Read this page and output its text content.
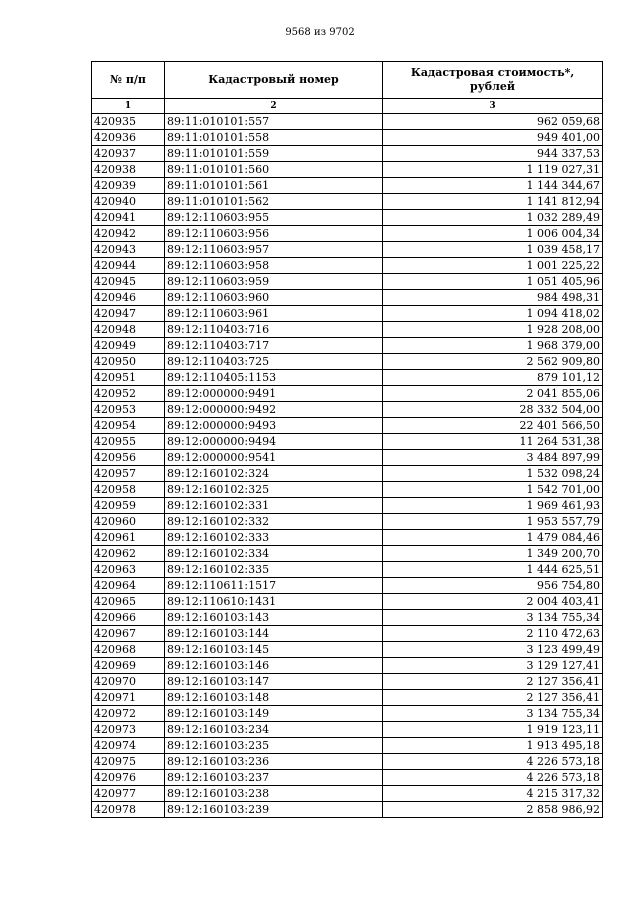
9568 из 9702
№ п/п	Кадастровый номер	Кадастровая стоимость*,
рублей

1	2	3
420935	89:11:010101:557	962 059,68
420936	89:11:010101:558	949 401,00
420937	89:11:010101:559	944 337,53
420938	89:11:010101:560	1 119 027,31
420939	89:11:010101:561	1 144 344,67
420940	89:11:010101:562	1 141 812,94
420941	89:12:110603:955	1 032 289,49
420942	89:12:110603:956	1 006 004,34
420943	89:12:110603:957	1 039 458,17
420944	89:12:110603:958	1 001 225,22
420945	89:12:110603:959	1 051 405,96
420946	89:12:110603:960	984 498,31
420947	89:12:110603:961	1 094 418,02
420948	89:12:110403:716	1 928 208,00
420949	89:12:110403:717	1 968 379,00
420950	89:12:110403:725	2 562 909,80
420951	89:12:110405:1153	879 101,12
420952	89:12:000000:9491	2 041 855,06
420953	89:12:000000:9492	28 332 504,00
420954	89:12:000000:9493	22 401 566,50
420955	89:12:000000:9494	11 264 531,38
420956	89:12:000000:9541	3 484 897,99
420957	89:12:160102:324	1 532 098,24
420958	89:12:160102:325	1 542 701,00
420959	89:12:160102:331	1 969 461,93
420960	89:12:160102:332	1 953 557,79
420961	89:12:160102:333	1 479 084,46
420962	89:12:160102:334	1 349 200,70
420963	89:12:160102:335	1 444 625,51
420964	89:12:110611:1517	956 754,80
420965	89:12:110610:1431	2 004 403,41
420966	89:12:160103:143	3 134 755,34
420967	89:12:160103:144	2 110 472,63
420968	89:12:160103:145	3 123 499,49
420969	89:12:160103:146	3 129 127,41
420970	89:12:160103:147	2 127 356,41
420971	89:12:160103:148	2 127 356,41
420972	89:12:160103:149	3 134 755,34
420973	89:12:160103:234	1 919 123,11
420974	89:12:160103:235	1 913 495,18
420975	89:12:160103:236	4 226 573,18
420976	89:12:160103:237	4 226 573,18
420977	89:12:160103:238	4 215 317,32
420978	89:12:160103:239	2 858 986,92
